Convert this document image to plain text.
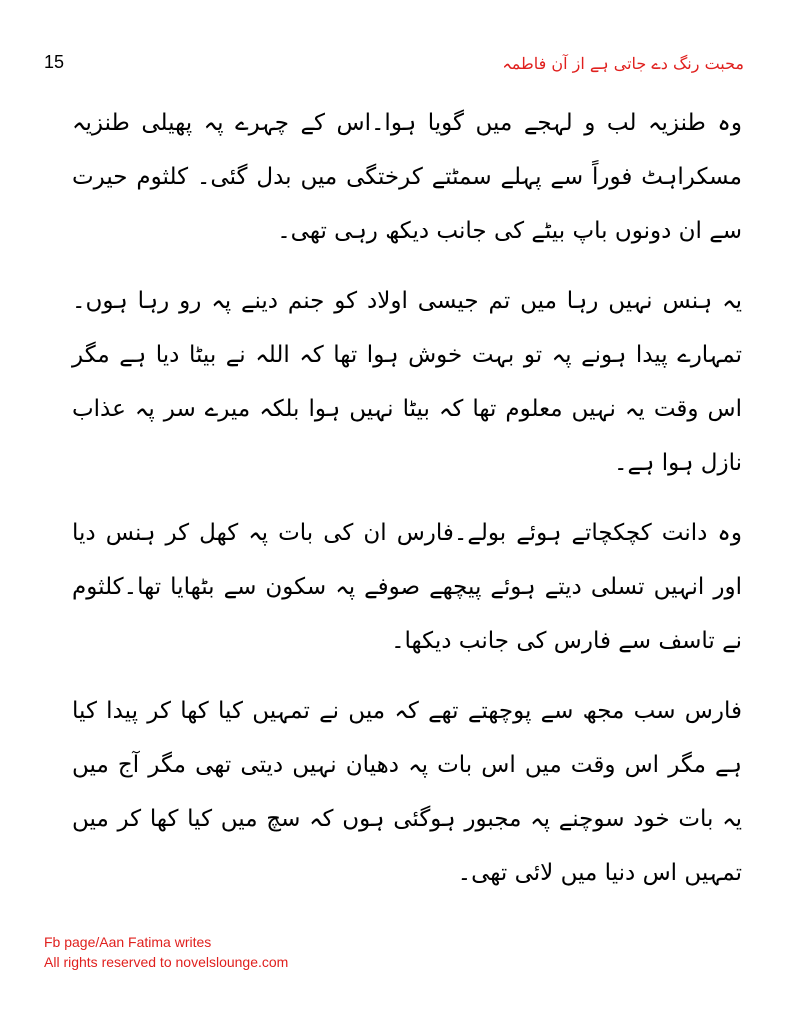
15	محبت رنگ دے جاتی ہے از آن فاطمہ

وہ طنزیہ لب و لہجے میں گویا ہوا۔اس کے چہرے پہ پھیلی طنزیہ مسکراہٹ فوراً سے پہلے سمٹتے کرختگی میں بدل گئی۔ کلثوم حیرت سے ان دونوں باپ بیٹے کی جانب دیکھ رہی تھی۔

یہ ہنس نہیں رہا میں تم جیسی اولاد کو جنم دینے پہ رو رہا ہوں۔تمہارے پیدا ہونے پہ تو بہت خوش ہوا تھا کہ اللہ نے بیٹا دیا ہے مگر اس وقت یہ نہیں معلوم تھا کہ بیٹا نہیں ہوا بلکہ میرے سر پہ عذاب نازل ہوا ہے۔

وہ دانت کچکچاتے ہوئے بولے۔فارس ان کی بات پہ کھل کر ہنس دیا اور انہیں تسلی دیتے ہوئے پیچھے صوفے پہ سکون سے بٹھایا تھا۔کلثوم نے تاسف سے فارس کی جانب دیکھا۔

فارس سب مجھ سے پوچھتے تھے کہ میں نے تمہیں کیا کھا کر پیدا کیا ہے مگر اس وقت میں اس بات پہ دھیان نہیں دیتی تھی مگر آج میں یہ بات خود سوچنے پہ مجبور ہوگئی ہوں کہ سچ میں کیا کھا کر میں تمہیں اس دنیا میں لائی تھی۔

Fb page/Aan Fatima writes
All rights reserved to novelslounge.com
